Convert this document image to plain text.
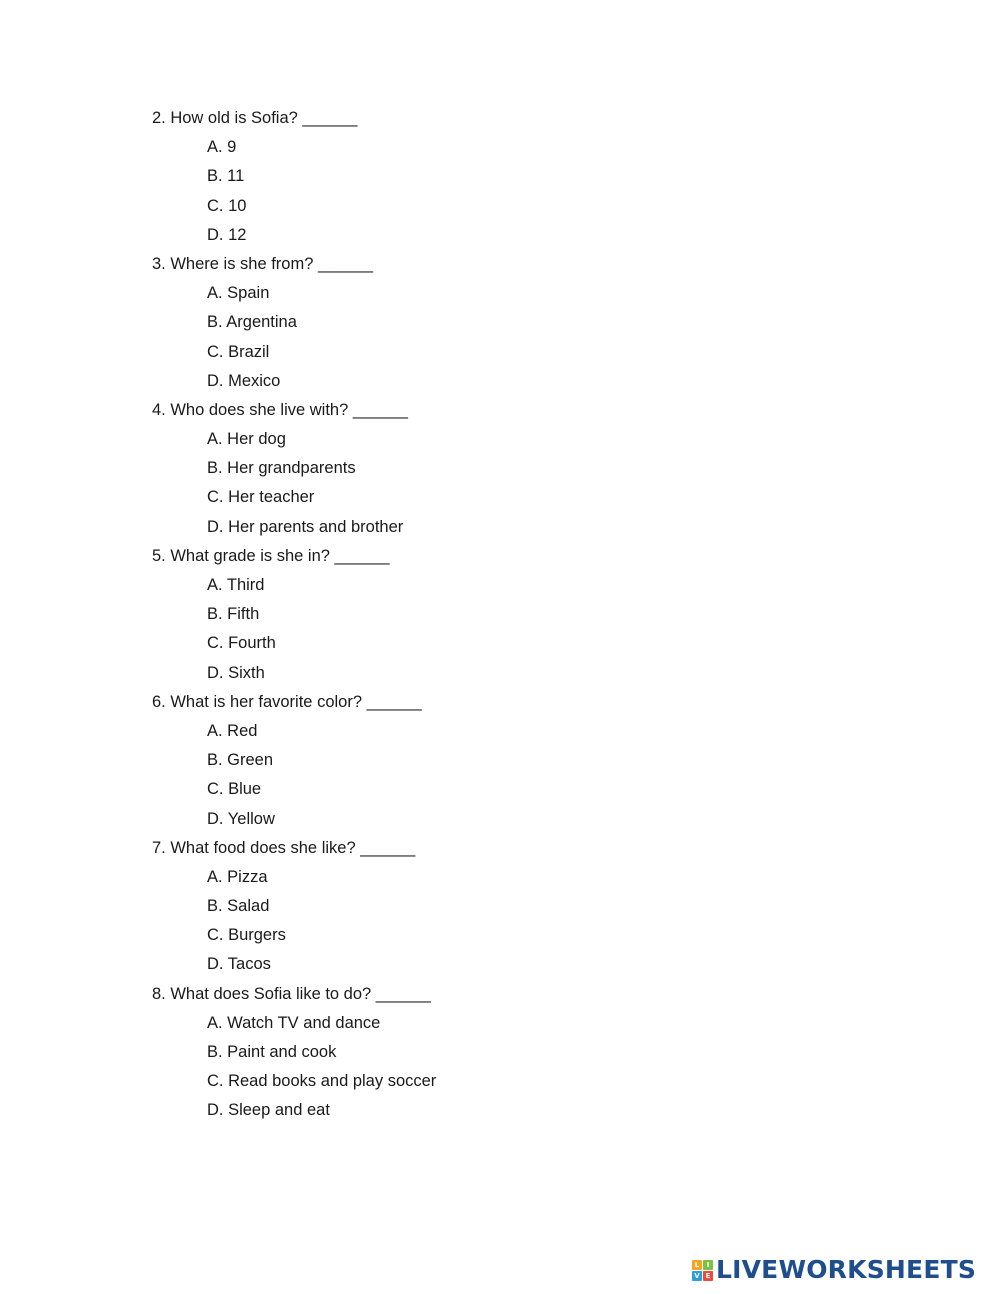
2. How old is Sofia? ______
A. 9
B. 11
C. 10
D. 12
3. Where is she from? ______
A. Spain
B. Argentina
C. Brazil
D. Mexico
4. Who does she live with? ______
A. Her dog
B. Her grandparents
C. Her teacher
D. Her parents and brother
5. What grade is she in? ______
A. Third
B. Fifth
C. Fourth
D. Sixth
6. What is her favorite color? ______
A. Red
B. Green
C. Blue
D. Yellow
7. What food does she like? ______
A. Pizza
B. Salad
C. Burgers
D. Tacos
8. What does Sofia like to do? ______
A. Watch TV and dance
B. Paint and cook
C. Read books and play soccer
D. Sleep and eat
L	I
V E LIVEWORKSHEETS
